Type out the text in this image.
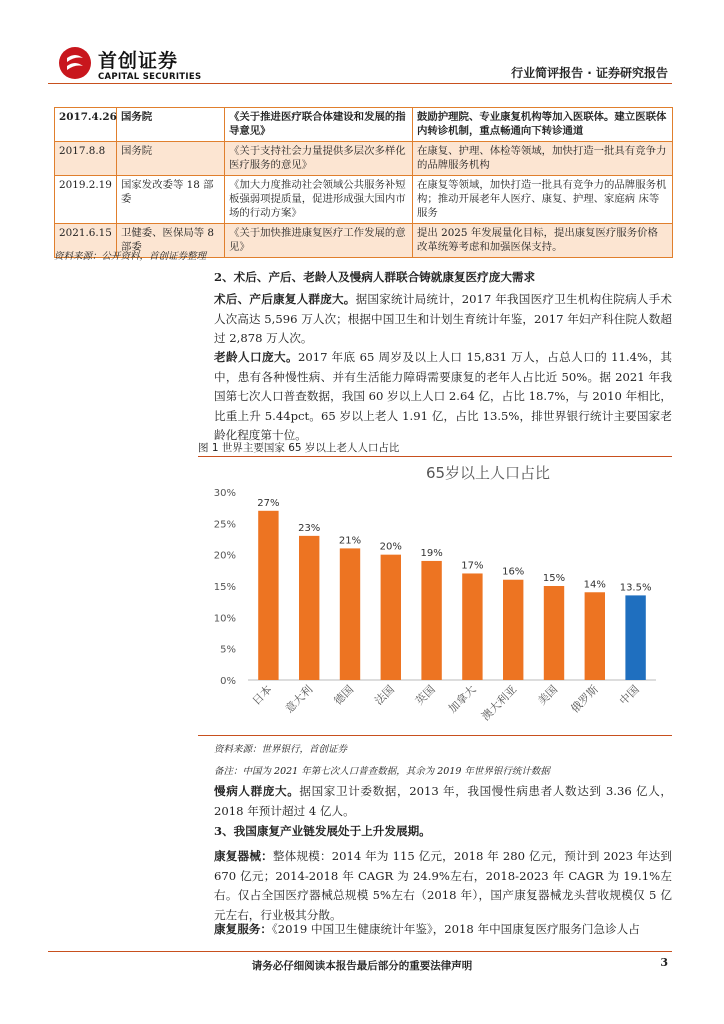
首创证券
CAPITAL SECURITIES	行业简评报告 · 证券研究报告
2017.4.26	国务院	《关于推进医疗联合体建设和发展的指导意见》	鼓励护理院、专业康复机构等加入医联体。建立医联体内转诊机制，重点畅通向下转诊通道
2017.8.8	国务院	《关于支持社会力量提供多层次多样化医疗服务的意见》	在康复、护理、体检等领域，加快打造一批具有竞争力的品牌服务机构
2019.2.19	国家发改委等 18 部委	《加大力度推动社会领域公共服务补短板强弱项提质量，促进形成强大国内市场的行动方案》	在康复等领域，加快打造一批具有竞争力的品牌服务机构；推动开展老年人医疗、康复、护理、家庭病 床等服务
2021.6.15	卫健委、医保局等 8 部委	《关于加快推进康复医疗工作发展的意见》	提出 2025 年发展量化目标，提出康复医疗服务价格改革统筹考虑和加强医保支持。
资料来源：公开资料，首创证券整理
2、术后、产后、老龄人及慢病人群联合铸就康复医疗庞大需求
术后、产后康复人群庞大。据国家统计局统计，2017 年我国医疗卫生机构住院病人手术人次高达 5,596 万人次；根据中国卫生和计划生育统计年鉴，2017 年妇产科住院人数超过 2,878 万人次。
老龄人口庞大。2017 年底 65 周岁及以上人口 15,831 万人，占总人口的 11.4%，其中，患有各种慢性病、并有生活能力障碍需要康复的老年人占比近 50%。据 2021 年我国第七次人口普查数据，我国 60 岁以上人口 2.64 亿，占比 18.7%，与 2010 年相比，比重上升 5.44pct。65 岁以上老人 1.91 亿，占比 13.5%，排世界银行统计主要国家老龄化程度第十位。
图 1 世界主要国家 65 岁以上老人人口占比
65岁以上人口占比
0%
5%
10%
15%
20%
25%
30%
27%
23%
21%
20%
19%
17%
16%
15%
14% 13.5%
日本 意大利 德国 法国 英国 加拿大 澳大利亚 美国 俄罗斯 中国
资料来源：世界银行，首创证券
备注：中国为 2021 年第七次人口普查数据，其余为 2019 年世界银行统计数据
慢病人群庞大。据国家卫计委数据，2013 年，我国慢性病患者人数达到 3.36 亿人，2018 年预计超过 4 亿人。
3、我国康复产业链发展处于上升发展期。
康复器械：整体规模：2014 年为 115 亿元，2018 年 280 亿元，预计到 2023 年达到 670 亿元；2014-2018 年 CAGR 为 24.9%左右，2018-2023 年 CAGR 为 19.1%左右。仅占全国医疗器械总规模 5%左右（2018 年），国产康复器械龙头营收规模仅 5 亿元左右，行业极其分散。
康复服务：《2019 中国卫生健康统计年鉴》，2018 年中国康复医疗服务门急诊人占
请务必仔细阅读本报告最后部分的重要法律声明	3
